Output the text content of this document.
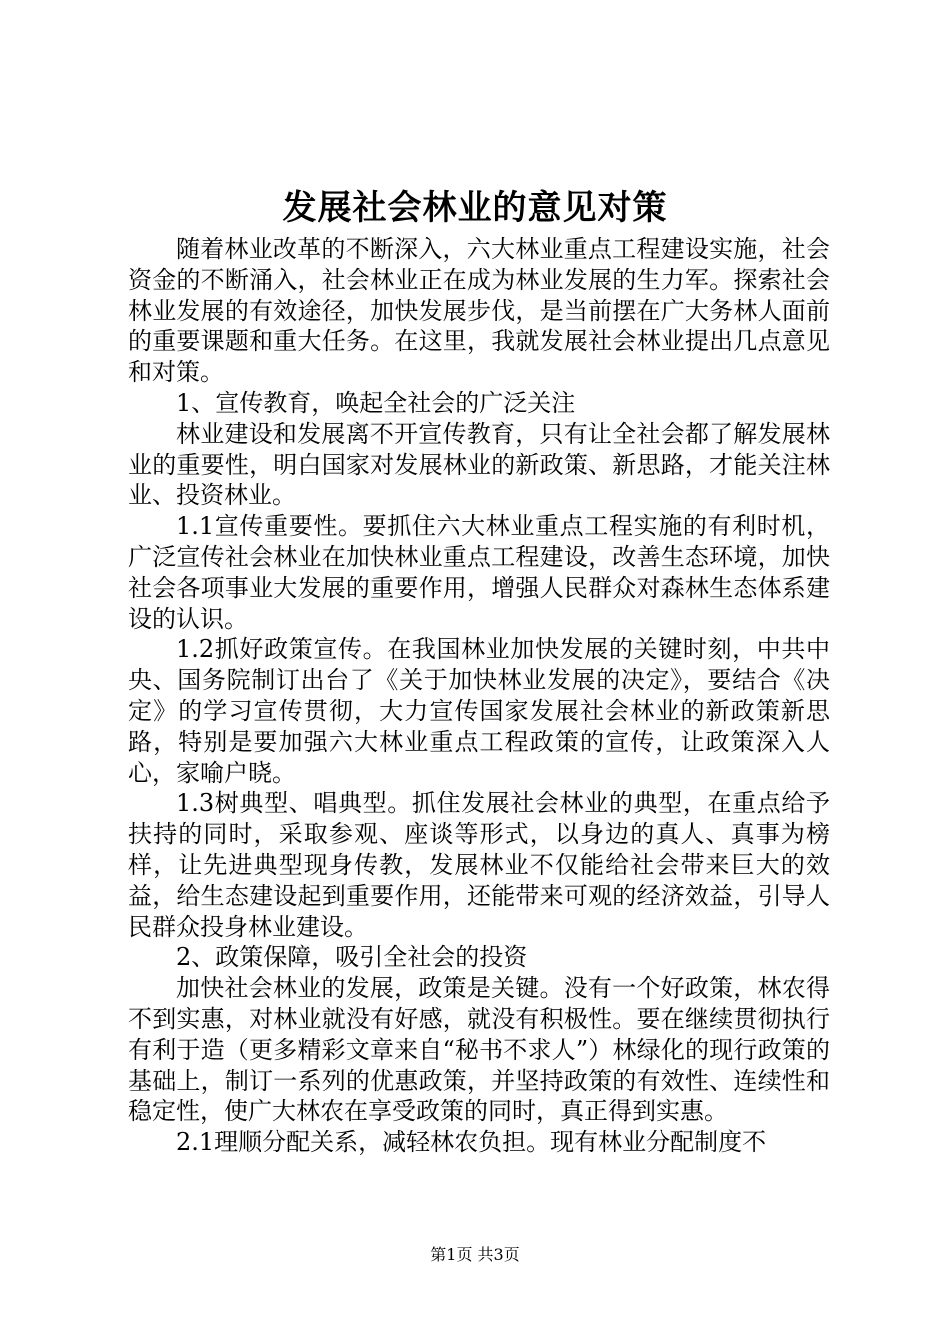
发展社会林业的意见对策

随着林业改革的不断深入，六大林业重点工程建设实施，社会资金的不断涌入，社会林业正在成为林业发展的生力军。探索社会林业发展的有效途径，加快发展步伐，是当前摆在广大务林人面前的重要课题和重大任务。在这里，我就发展社会林业提出几点意见和对策。

1、宣传教育，唤起全社会的广泛关注

林业建设和发展离不开宣传教育，只有让全社会都了解发展林业的重要性，明白国家对发展林业的新政策、新思路，才能关注林业、投资林业。

1.1宣传重要性。要抓住六大林业重点工程实施的有利时机，广泛宣传社会林业在加快林业重点工程建设，改善生态环境，加快社会各项事业大发展的重要作用，增强人民群众对森林生态体系建设的认识。

1.2抓好政策宣传。在我国林业加快发展的关键时刻，中共中央、国务院制订出台了《关于加快林业发展的决定》，要结合《决定》的学习宣传贯彻，大力宣传国家发展社会林业的新政策新思路，特别是要加强六大林业重点工程政策的宣传，让政策深入人心，家喻户晓。

1.3树典型、唱典型。抓住发展社会林业的典型，在重点给予扶持的同时，采取参观、座谈等形式，以身边的真人、真事为榜样，让先进典型现身传教，发展林业不仅能给社会带来巨大的效益，给生态建设起到重要作用，还能带来可观的经济效益，引导人民群众投身林业建设。

2、政策保障，吸引全社会的投资

加快社会林业的发展，政策是关键。没有一个好政策，林农得不到实惠，对林业就没有好感，就没有积极性。要在继续贯彻执行有利于造（更多精彩文章来自“秘书不求人”）林绿化的现行政策的基础上，制订一系列的优惠政策，并坚持政策的有效性、连续性和稳定性，使广大林农在享受政策的同时，真正得到实惠。

2.1理顺分配关系，减轻林农负担。现有林业分配制度不

第1页 共3页
